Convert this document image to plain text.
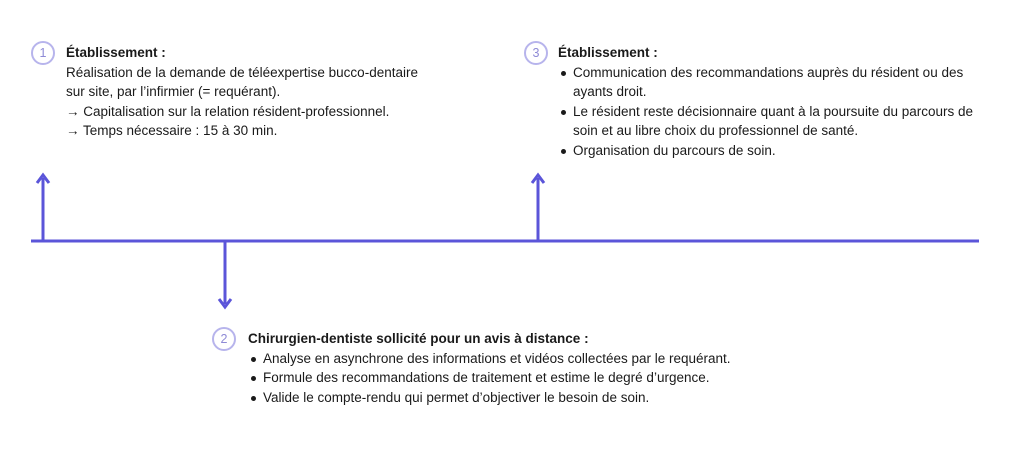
1	Établissement :

Réalisation de la demande de téléexpertise bucco-dentaire

sur site, par l’infirmier (= requérant).

→ Capitalisation sur la relation résident-professionnel.

→ Temps nécessaire : 15 à 30 min.

3	Établissement :

Communication des recommandations auprès du résident ou des ayants droit.
Le résident reste décisionnaire quant à la poursuite du parcours de soin et au libre choix du professionnel de santé.
Organisation du parcours de soin.
2	Chirurgien-dentiste sollicité pour un avis à distance :

Analyse en asynchrone des informations et vidéos collectées par le requérant.
Formule des recommandations de traitement et estime le degré d’urgence.
Valide le compte-rendu qui permet d’objectiver le besoin de soin.
